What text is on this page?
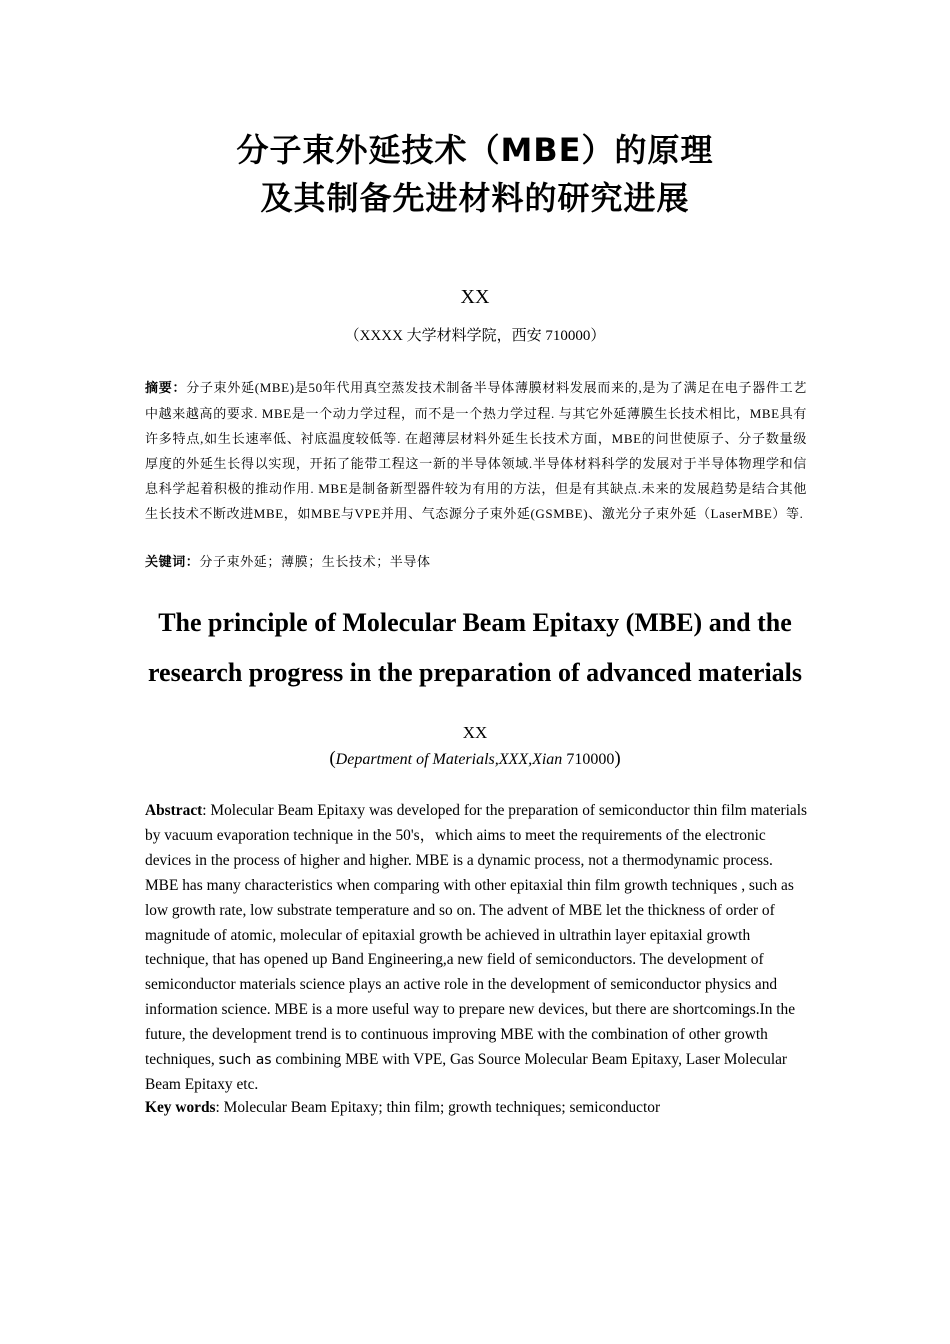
分子束外延技术（MBE）的原理
及其制备先进材料的研究进展
XX
（XXXX 大学材料学院，西安 710000）
摘要：分子束外延(MBE)是50年代用真空蒸发技术制备半导体薄膜材料发展而来的,是为了满足在电子器件工艺中越来越高的要求. MBE是一个动力学过程，而不是一个热力学过程. 与其它外延薄膜生长技术相比，MBE具有许多特点,如生长速率低、衬底温度较低等. 在超薄层材料外延生长技术方面，MBE的问世使原子、分子数量级厚度的外延生长得以实现，开拓了能带工程这一新的半导体领域.半导体材料科学的发展对于半导体物理学和信息科学起着积极的推动作用. MBE是制备新型器件较为有用的方法，但是有其缺点.未来的发展趋势是结合其他生长技术不断改进MBE，如MBE与VPE并用、气态源分子束外延(GSMBE)、激光分子束外延（LaserMBE）等.
关键词：分子束外延；薄膜；生长技术；半导体
The principle of Molecular Beam Epitaxy (MBE) and the
research progress in the preparation of advanced materials
XX
(Department of Materials,XXX,Xian 710000)
Abstract: Molecular Beam Epitaxy was developed for the preparation of semiconductor thin film materials by vacuum evaporation technique in the 50's，which aims to meet the requirements of the electronic devices in the process of higher and higher. MBE is a dynamic process, not a thermodynamic process. MBE has many characteristics when comparing with other epitaxial thin film growth techniques , such as low growth rate, low substrate temperature and so on. The advent of MBE let the thickness of order of magnitude of atomic, molecular of epitaxial growth be achieved in ultrathin layer epitaxial growth technique, that has opened up Band Engineering,a new field of semiconductors. The development of semiconductor materials science plays an active role in the development of semiconductor physics and information science. MBE is a more useful way to prepare new devices, but there are shortcomings.In the future, the development trend is to continuous improving MBE with the combination of other growth techniques, such as combining MBE with VPE, Gas Source Molecular Beam Epitaxy, Laser Molecular Beam Epitaxy etc.
Key words: Molecular Beam Epitaxy; thin film; growth techniques; semiconductor
